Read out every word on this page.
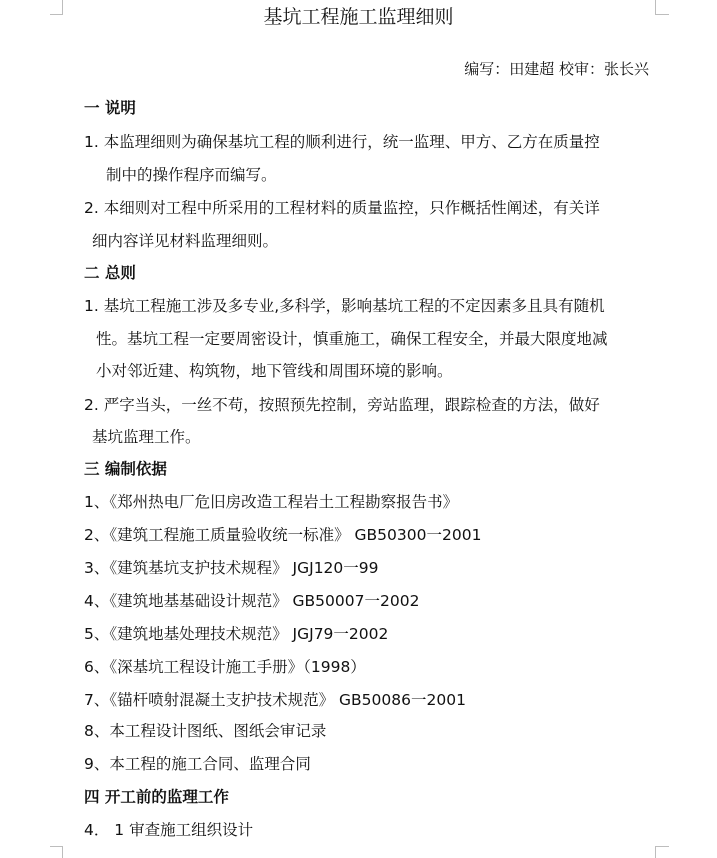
基坑工程施工监理细则
编写：田建超 校审：张长兴
一 说明
1. 本监理细则为确保基坑工程的顺利进行，统一监理、甲方、乙方在质量控
制中的操作程序而编写。
2. 本细则对工程中所采用的工程材料的质量监控，只作概括性阐述，有关详
细内容详见材料监理细则。
二 总则
1. 基坑工程施工涉及多专业,多科学，影响基坑工程的不定因素多且具有随机
性。基坑工程一定要周密设计，慎重施工，确保工程安全，并最大限度地减
小对邻近建、构筑物，地下管线和周围环境的影响。
2. 严字当头，一丝不苟，按照预先控制，旁站监理，跟踪检查的方法，做好
基坑监理工作。
三 编制依据
1、《郑州热电厂危旧房改造工程岩土工程勘察报告书》
2、《建筑工程施工质量验收统一标准》 GB50300一2001
3、《建筑基坑支护技术规程》 JGJ120一99
4、《建筑地基基础设计规范》 GB50007一2002
5、《建筑地基处理技术规范》 JGJ79一2002
6、《深基坑工程设计施工手册》（1998）
7、《锚杆喷射混凝土支护技术规范》 GB50086一2001
8、本工程设计图纸、图纸会审记录
9、本工程的施工合同、监理合同
四 开工前的监理工作
4． 1 审查施工组织设计
